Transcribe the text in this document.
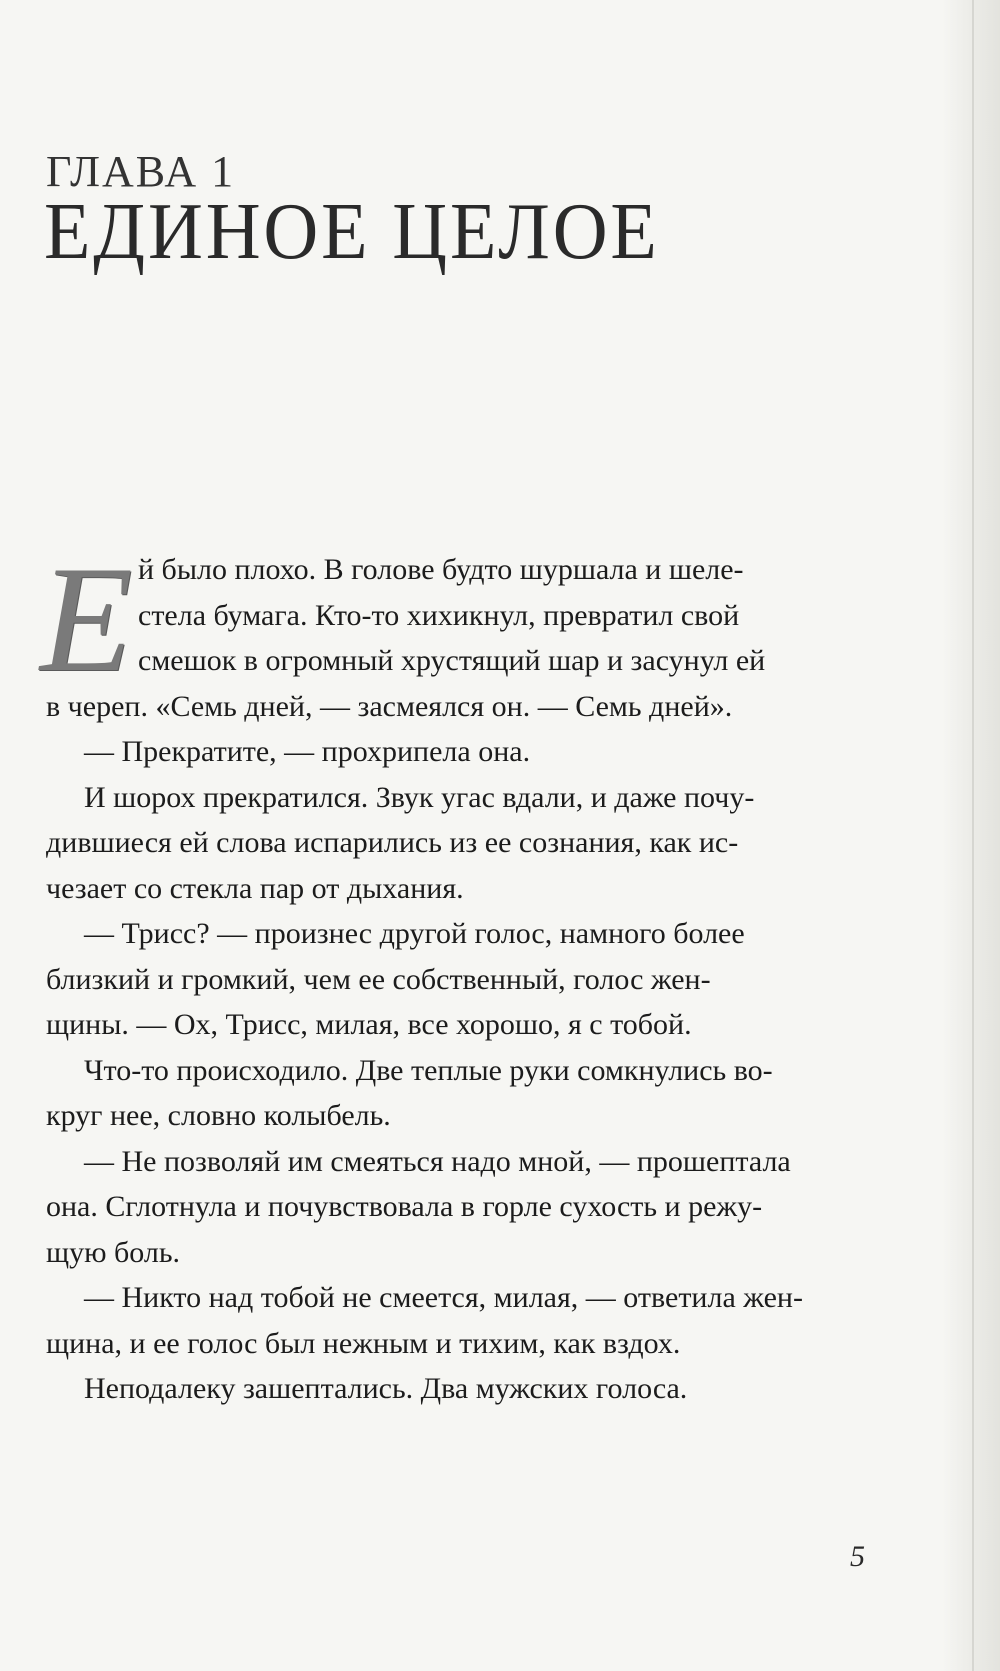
ГЛАВА 1
ЕДИНОЕ ЦЕЛОЕ
Е й было плохо. В голове будто шуршала и шеле-
стела бумага. Кто-то хихикнул, превратил свой
смешок в огромный хрустящий шар и засунул ей
в череп. «Семь дней, — засмеялся он. — Семь дней».
— Прекратите, — прохрипела она.
И шорох прекратился. Звук угас вдали, и даже почу-
дившиеся ей слова испарились из ее сознания, как ис-
чезает со стекла пар от дыхания.
— Трисс? — произнес другой голос, намного более
близкий и громкий, чем ее собственный, голос жен-
щины. — Ох, Трисс, милая, все хорошо, я с тобой.
Что-то происходило. Две теплые руки сомкнулись во-
круг нее, словно колыбель.
— Не позволяй им смеяться надо мной, — прошептала
она. Сглотнула и почувствовала в горле сухость и режу-
щую боль.
— Никто над тобой не смеется, милая, — ответила жен-
щина, и ее голос был нежным и тихим, как вздох.
Неподалеку зашептались. Два мужских голоса.
5
